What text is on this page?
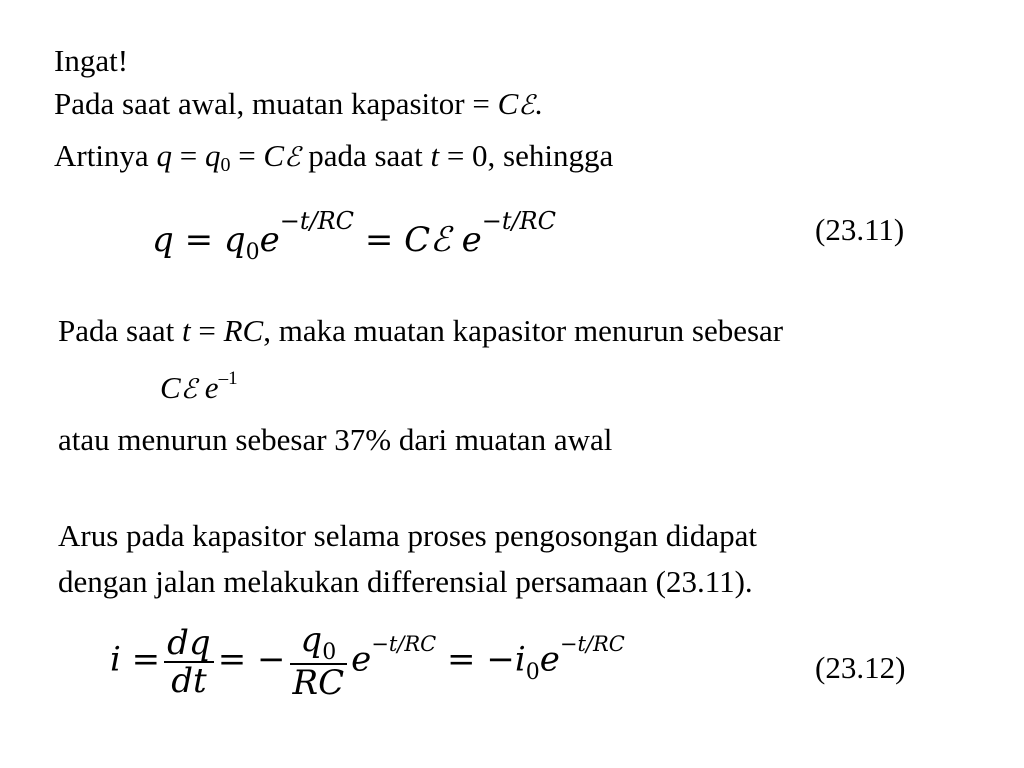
Ingat!
Pada saat awal, muatan kapasitor = Cℰ.
Artinya $q = q_0$ = Cℰ pada saat t = 0, sehingga
$q = q_0e-t/RC$ = Cℰ e−t/RC	(23.11)
Pada saat t = RC, maka muatan kapasitor menurun sebesar
Cℰ $e^{-1}$
atau menurun sebesar 37% dari muatan awal
Arus pada kapasitor selama proses pengosongan didapat
dengan jalan melakukan differensial persamaan (23.11).
$i = \frac{dq}{dt}$ = − $\frac{q_0}{RC} e-t/RC = -i_0e-t/RC$
(23.12)
